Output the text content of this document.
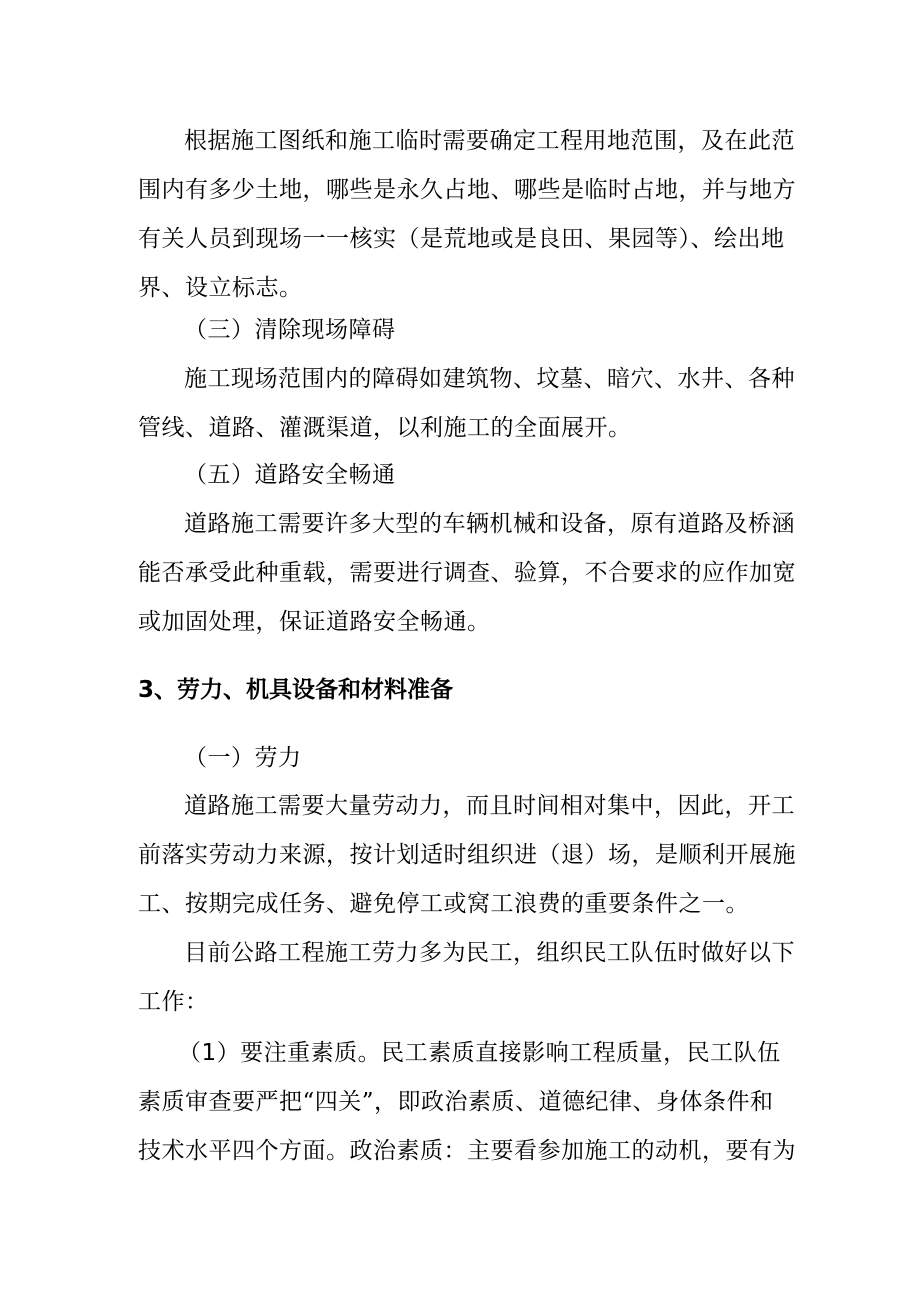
根据施工图纸和施工临时需要确定工程用地范围，及在此范
围内有多少土地，哪些是永久占地、哪些是临时占地，并与地方
有关人员到现场一一核实（是荒地或是良田、果园等）、绘出地
界、设立标志。
（三）清除现场障碍
施工现场范围内的障碍如建筑物、坟墓、暗穴、水井、各种
管线、道路、灌溉渠道，以利施工的全面展开。
（五）道路安全畅通
道路施工需要许多大型的车辆机械和设备，原有道路及桥涵
能否承受此种重载，需要进行调查、验算，不合要求的应作加宽
或加固处理，保证道路安全畅通。
3、劳力、机具设备和材料准备
（一）劳力
道路施工需要大量劳动力，而且时间相对集中，因此，开工
前落实劳动力来源，按计划适时组织进（退）场，是顺利开展施
工、按期完成任务、避免停工或窝工浪费的重要条件之一。
目前公路工程施工劳力多为民工，组织民工队伍时做好以下
工作：
（1）要注重素质。民工素质直接影响工程质量，民工队伍
素质审查要严把“四关”，即政治素质、道德纪律、身体条件和
技术水平四个方面。政治素质：主要看参加施工的动机，要有为
